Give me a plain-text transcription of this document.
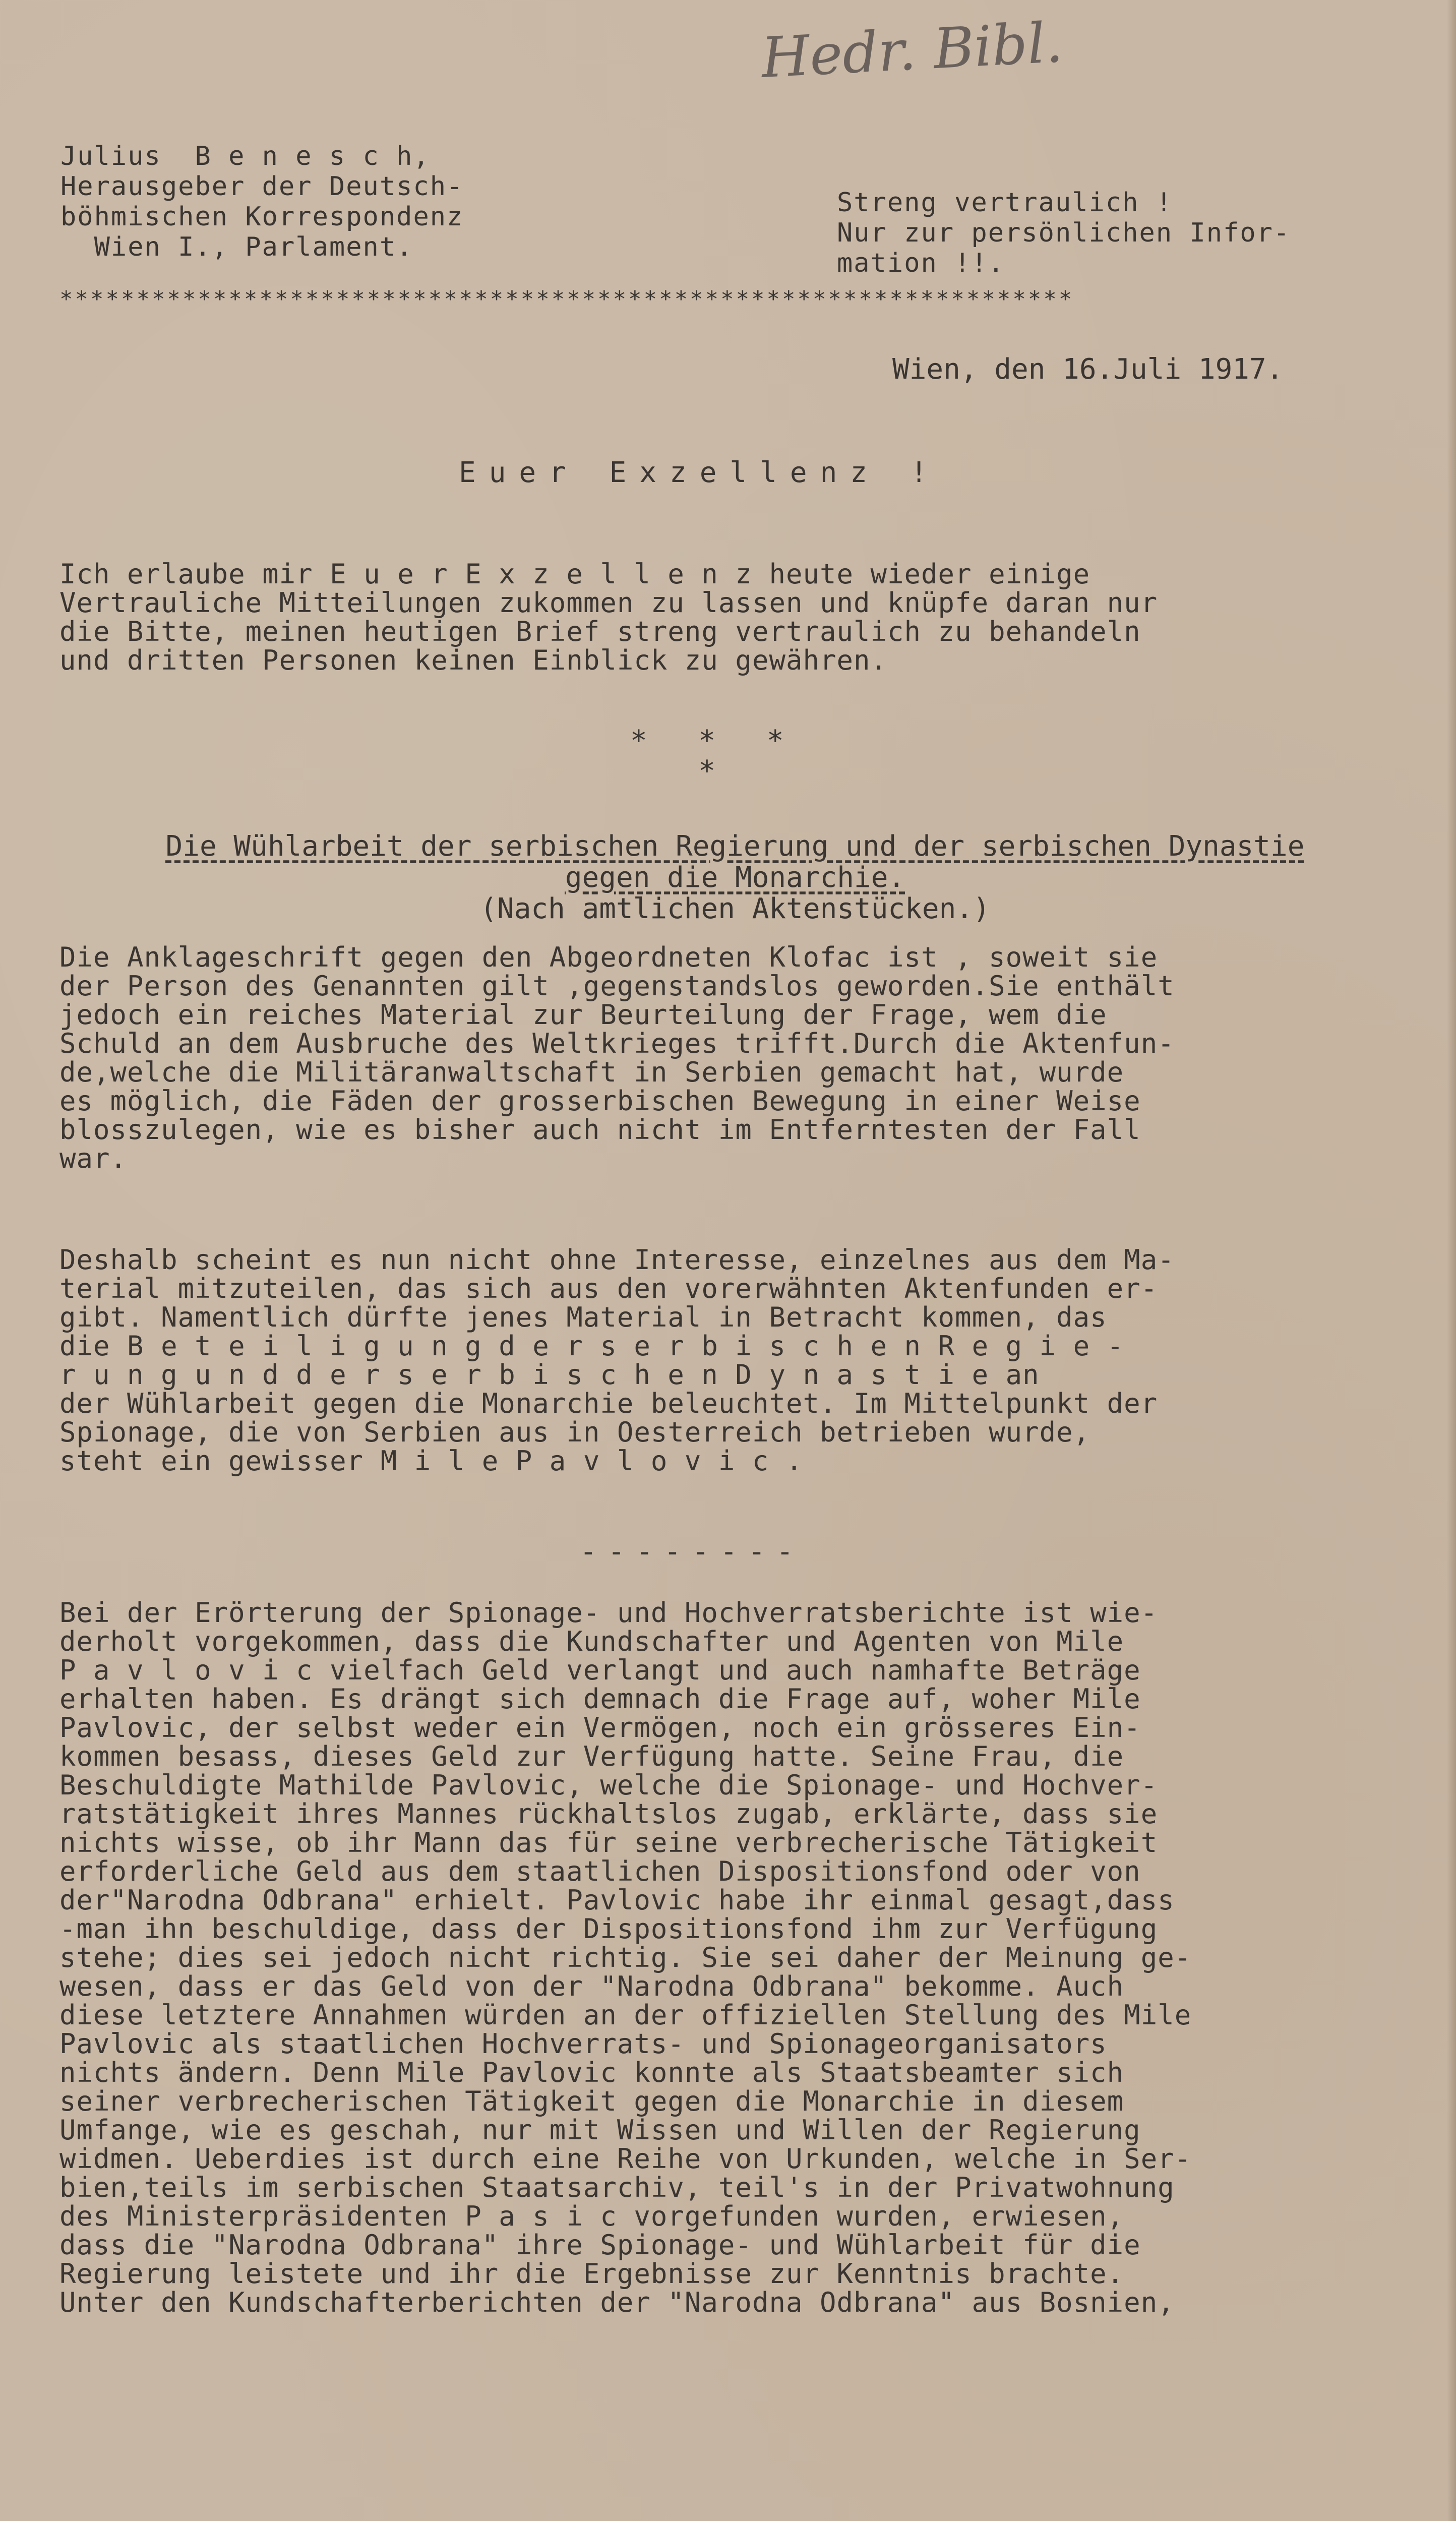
Hedr. Bibl.
Julius  B e n e s c h,
Herausgeber der Deutsch-
böhmischen Korrespondenz
Wien I., Parlament.
Streng vertraulich !
Nur zur persönlichen Infor-
mation !!.
******************************************************************
Wien, den 16.Juli 1917.
Euer Exzellenz !
Ich erlaube mir E u e r E x z e l l e n z heute wieder einige
Vertrauliche Mitteilungen zukommen zu lassen und knüpfe daran nur
die Bitte, meinen heutigen Brief streng vertraulich zu behandeln
und dritten Personen keinen Einblick zu gewähren.
* * *
*
Die Wühlarbeit der serbischen Regierung und der serbischen Dynastie
gegen die Monarchie.
(Nach amtlichen Aktenstücken.)
Die Anklageschrift gegen den Abgeordneten Klofac ist , soweit sie
der Person des Genannten gilt ,gegenstandslos geworden.Sie enthält
jedoch ein reiches Material zur Beurteilung der Frage, wem die
Schuld an dem Ausbruche des Weltkrieges trifft.Durch die Aktenfun-
de,welche die Militäranwaltschaft in Serbien gemacht hat, wurde
es möglich, die Fäden der grosserbischen Bewegung in einer Weise
blosszulegen, wie es bisher auch nicht im Entferntesten der Fall
war.
Deshalb scheint es nun nicht ohne Interesse, einzelnes aus dem Ma-
terial mitzuteilen, das sich aus den vorerwähnten Aktenfunden er-
gibt. Namentlich dürfte jenes Material in Betracht kommen, das
die B e t e i l i g u n g d e r s e r b i s c h e n R e g i e -
r u n g u n d d e r s e r b i s c h e n D y n a s t i e an
der Wühlarbeit gegen die Monarchie beleuchtet. Im Mittelpunkt der
Spionage, die von Serbien aus in Oesterreich betrieben wurde,
steht ein gewisser M i l e P a v l o v i c .
--------
Bei der Erörterung der Spionage- und Hochverratsberichte ist wie-
derholt vorgekommen, dass die Kundschafter und Agenten von Mile
P a v l o v i c vielfach Geld verlangt und auch namhafte Beträge
erhalten haben. Es drängt sich demnach die Frage auf, woher Mile
Pavlovic, der selbst weder ein Vermögen, noch ein grösseres Ein-
kommen besass, dieses Geld zur Verfügung hatte. Seine Frau, die
Beschuldigte Mathilde Pavlovic, welche die Spionage- und Hochver-
ratstätigkeit ihres Mannes rückhaltslos zugab, erklärte, dass sie
nichts wisse, ob ihr Mann das für seine verbrecherische Tätigkeit
erforderliche Geld aus dem staatlichen Dispositionsfond oder von
der"Narodna Odbrana" erhielt. Pavlovic habe ihr einmal gesagt,dass
-man ihn beschuldige, dass der Dispositionsfond ihm zur Verfügung
stehe; dies sei jedoch nicht richtig. Sie sei daher der Meinung ge-
wesen, dass er das Geld von der "Narodna Odbrana" bekomme. Auch
diese letztere Annahmen würden an der offiziellen Stellung des Mile
Pavlovic als staatlichen Hochverrats- und Spionageorganisators
nichts ändern. Denn Mile Pavlovic konnte als Staatsbeamter sich
seiner verbrecherischen Tätigkeit gegen die Monarchie in diesem
Umfange, wie es geschah, nur mit Wissen und Willen der Regierung
widmen. Ueberdies ist durch eine Reihe von Urkunden, welche in Ser-
bien,teils im serbischen Staatsarchiv, teil's in der Privatwohnung
des Ministerpräsidenten P a s i c vorgefunden wurden, erwiesen,
dass die "Narodna Odbrana" ihre Spionage- und Wühlarbeit für die
Regierung leistete und ihr die Ergebnisse zur Kenntnis brachte.
Unter den Kundschafterberichten der "Narodna Odbrana" aus Bosnien,
